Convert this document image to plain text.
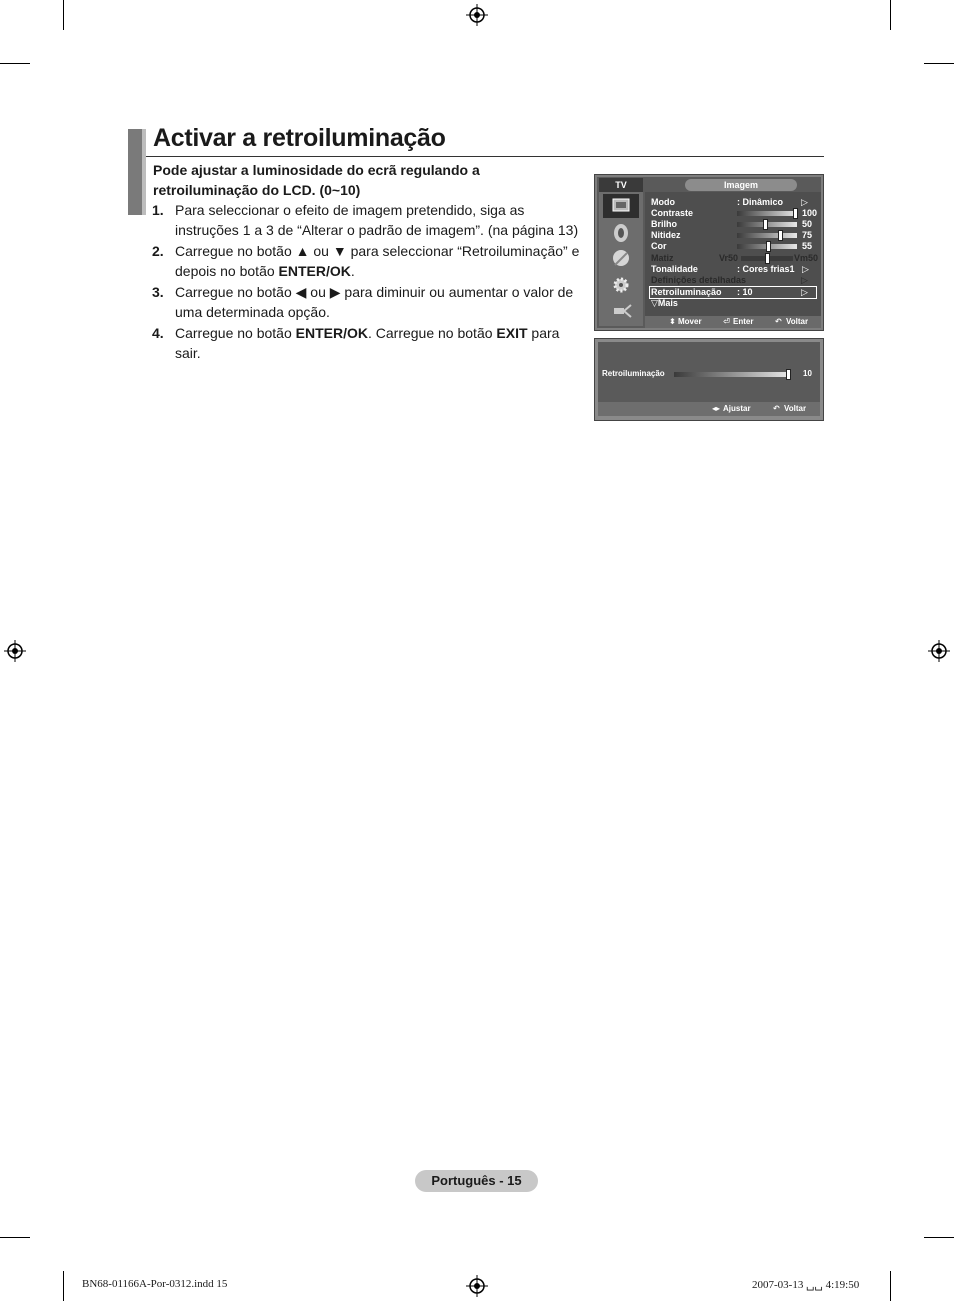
Activar a retroiluminação
Pode ajustar a luminosidade do ecrã regulando a retroiluminação do LCD. (0~10)
1. Para seleccionar o efeito de imagem pretendido, siga as instruções 1 a 3 de “Alterar o padrão de imagem”. (na página 13)
2. Carregue no botão ▲ ou ▼ para seleccionar “Retroiluminação” e depois no botão ENTER/OK.
3. Carregue no botão ◀ ou ▶ para diminuir ou aumentar o valor de uma determinada opção.
4. Carregue no botão ENTER/OK. Carregue no botão EXIT para sair.
TV	Imagem
Modo	: Dinâmico ▷
Contraste	100
Brilho	50
Nitidez	75
Cor	55
Matiz	Vr50	Vm50
Tonalidade	: Cores frias1 ▷
Definições detalhadas	▷
Retroiluminação : 10	▷
▽Mais
⬍ Mover	⏎ Enter	↶ Voltar
Retroiluminação	10
◂▸ Ajustar	↶ Voltar
Português - 15
BN68-01166A-Por-0312.indd 15	2007-03-13 ␣␣ 4:19:50
